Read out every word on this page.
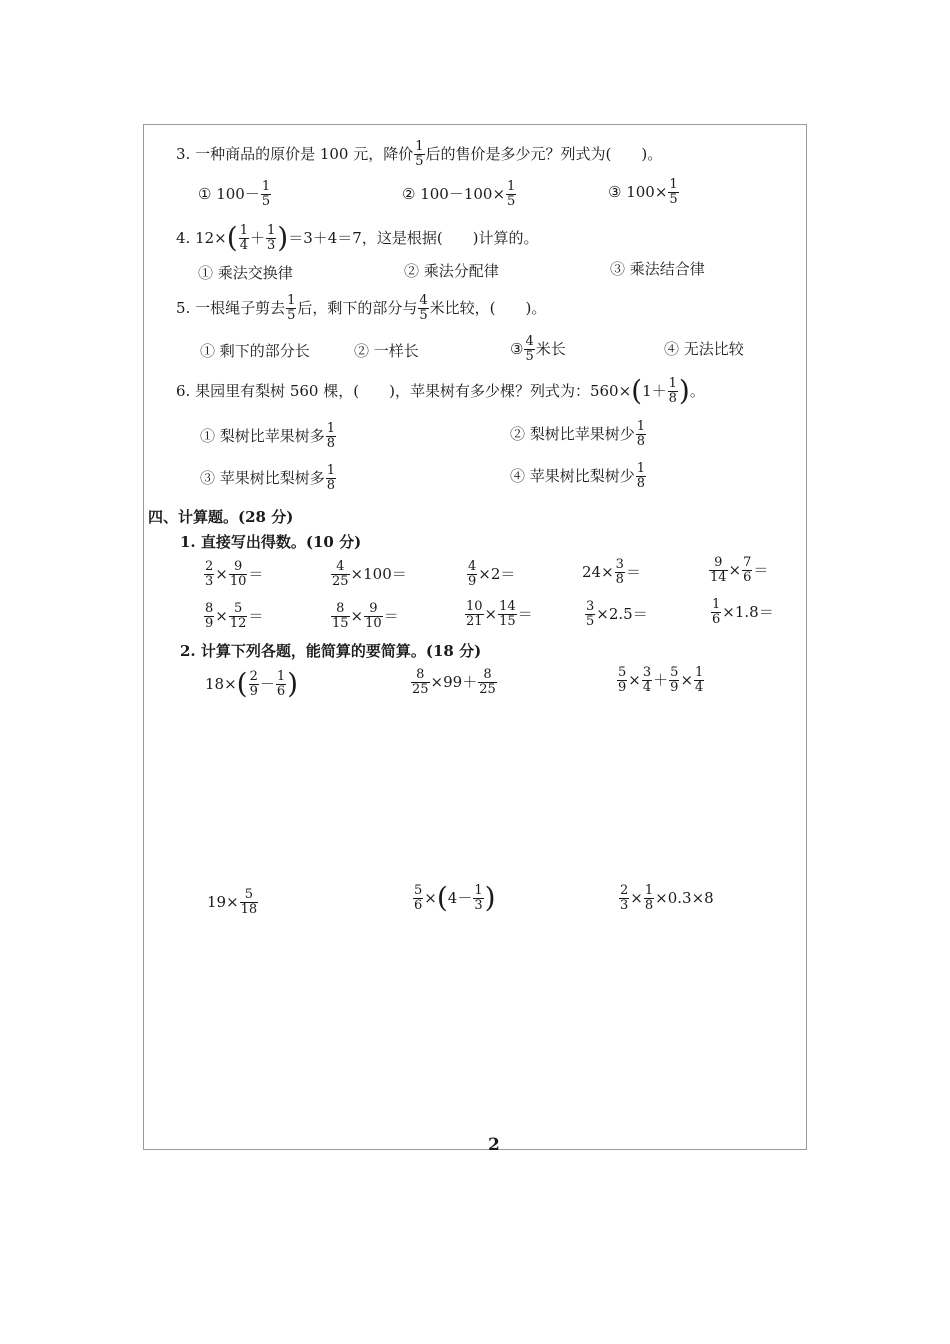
3. 一种商品的原价是 100 元，降价 $\frac{1}{5}$ 后的售价是多少元？列式为(　　)。
① $100- \frac{1}{5}$	② $100-100\times \frac{1}{5}$	③ $100\times \frac{1}{5}$
4. 12× ( $\frac{1}{4} + \frac{1}{3}$ ) ＝3＋4＝7，这是根据(　　)计算的。
① 乘法交换律	② 乘法分配律	③ 乘法结合律
5. 一根绳子剪去 $\frac{1}{5}$ 后，剩下的部分与 $\frac{4}{5}$ 米比较，(　　)。
① 剩下的部分长	② 一样长	③ $\frac{4}{5}$ 米长	④ 无法比较
6. 果园里有梨树 560 棵，(　　)，苹果树有多少棵？列式为：560× ( $1+ \frac{1}{8}$ ) 。
① 梨树比苹果树多 $\frac{1}{8}$	② 梨树比苹果树少 $\frac{1}{8}$
③ 苹果树比梨树多 $\frac{1}{8}$	④ 苹果树比梨树少 $\frac{1}{8}$
四、计算题。(28 分)
1. 直接写出得数。(10 分)
$\frac{2}{3} \times \frac{9}{10}$ ＝	$\frac{4}{25} \times 100=$	$\frac{4}{9} \times 2=$	$24\times \frac{3}{8}$ ＝	$\frac{9}{14} \times \frac{7}{6}$ ＝
$\frac{8}{9} \times \frac{5}{12}$ ＝	$\frac{8}{15} \times \frac{9}{10}$ ＝	$\frac{10}{21} \times \frac{14}{15}$ ＝	$\frac{3}{5} \times 2.5=$	$\frac{1}{6} \times 1.8=$
2. 计算下列各题，能简算的要简算。(18 分)
18× ( $\frac{2}{9} - \frac{1}{6}$ )	$\frac{8}{25} \times 99+ \frac{8}{25}$	$\frac{5}{9} \times \frac{3}{4} + \frac{5}{9} \times \frac{1}{4}$
$19\times \frac{5}{18}$	$\frac{5}{6}$ × ( $4- \frac{1}{3}$ )	$\frac{2}{3} \times \frac{1}{8} \times 0.3\times 8$
2
